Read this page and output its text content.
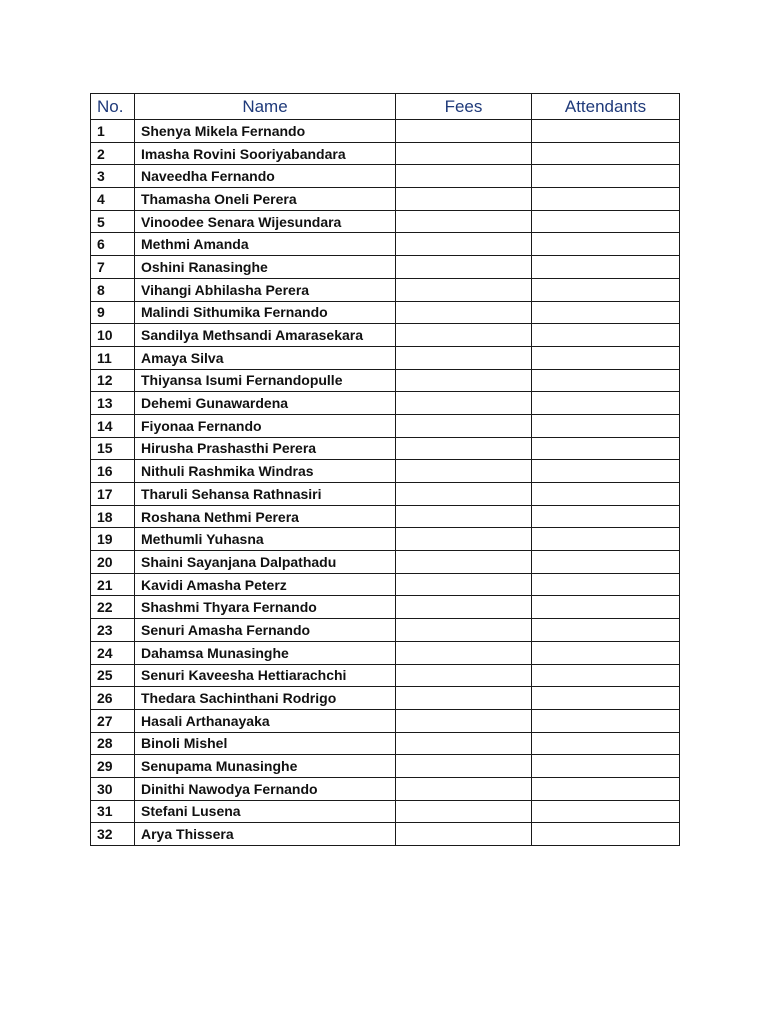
No.	Name	Fees	Attendants
1	Shenya Mikela Fernando		
2	Imasha Rovini Sooriyabandara		
3	Naveedha Fernando		
4	Thamasha Oneli Perera		
5	Vinoodee Senara Wijesundara		
6	Methmi Amanda		
7	Oshini Ranasinghe		
8	Vihangi Abhilasha Perera		
9	Malindi Sithumika Fernando		
10	Sandilya Methsandi Amarasekara		
11	Amaya Silva		
12	Thiyansa Isumi Fernandopulle		
13	Dehemi Gunawardena		
14	Fiyonaa Fernando		
15	Hirusha Prashasthi Perera		
16	Nithuli Rashmika Windras		
17	Tharuli Sehansa Rathnasiri		
18	Roshana Nethmi Perera		
19	Methumli Yuhasna		
20	Shaini Sayanjana Dalpathadu		
21	Kavidi Amasha Peterz		
22	Shashmi Thyara Fernando		
23	Senuri Amasha Fernando		
24	Dahamsa Munasinghe		
25	Senuri Kaveesha Hettiarachchi		
26	Thedara Sachinthani Rodrigo		
27	Hasali Arthanayaka		
28	Binoli Mishel		
29	Senupama Munasinghe		
30	Dinithi Nawodya Fernando		
31	Stefani Lusena		
32	Arya Thissera		
